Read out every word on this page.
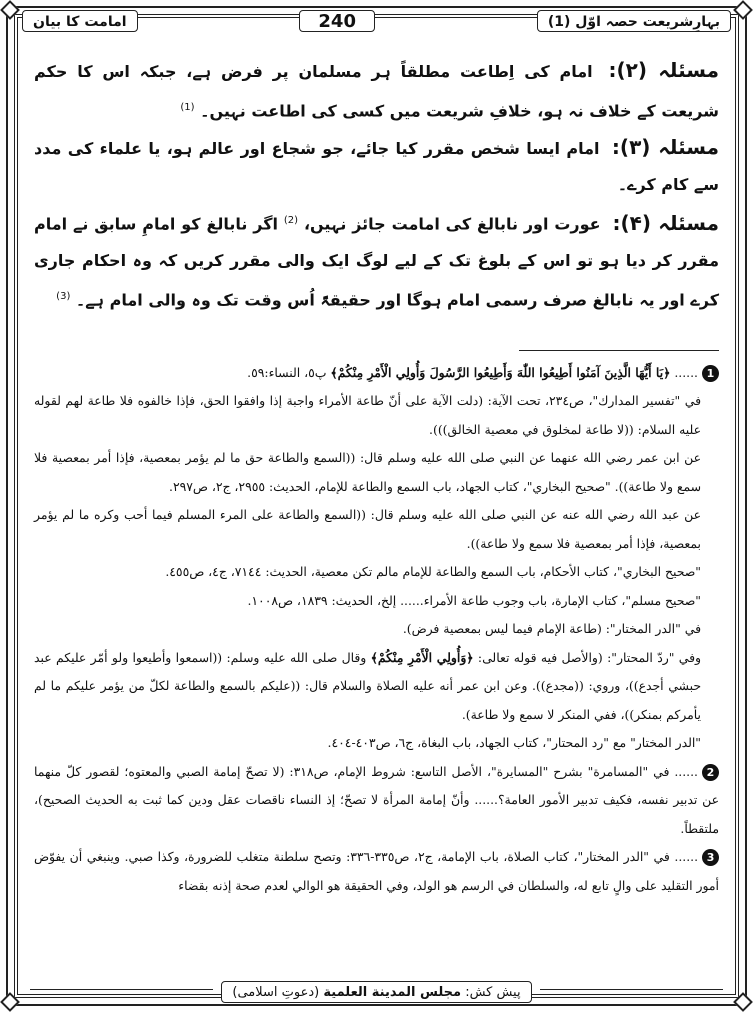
بہارِشریعت حصہ اوّل (1)
240
امامت کا بیان

مسئلہ (۲): امام کی اِطاعت مطلقاً ہر مسلمان پر فرض ہے، جبکہ اس کا حکم شریعت کے خلاف نہ ہو، خلافِ شریعت میں کسی کی اطاعت نہیں۔ $^{(1)}$

مسئلہ (۳): امام ایسا شخص مقرر کیا جائے، جو شجاع اور عالم ہو، یا علماء کی مدد سے کام کرے۔

مسئلہ (۴): عورت اور نابالغ کی امامت جائز نہیں، $^{(2)}$ اگر نابالغ کو امامِ سابق نے امام مقرر کر دیا ہو تو اس کے بلوغ تک کے لیے لوگ ایک والی مقرر کریں کہ وہ احکام جاری کرے اور یہ نابالغ صرف رسمی امام ہوگا اور حقیقۃً اُس وقت تک وہ والی امام ہے۔ $^{(3)}$

1...... ﴿يَا أَيُّهَا الَّذِينَ آمَنُوا أَطِيعُوا اللّٰهَ وَأَطِيعُوا الرَّسُولَ وَأُولِي الْأَمْرِ مِنْكُمْ﴾ پ٥، النساء:٥٩.

في "تفسير المدارك"، ص٢٣٤، تحت الآية: (دلت الآية على أنّ طاعة الأمراء واجبة إذا وافقوا الحق، فإذا خالفوه فلا طاعة لهم لقوله عليه السلام: ((لا طاعة لمخلوق في معصية الخالق))).

عن ابن عمر رضي الله عنهما عن النبي صلى الله عليه وسلم قال: ((السمع والطاعة حق ما لم يؤمر بمعصية، فإذا أمر بمعصية فلا سمع ولا طاعة)). "صحيح البخاري"، كتاب الجهاد، باب السمع والطاعة للإمام، الحديث: ٢٩٥٥، ج٢، ص٢٩٧.

عن عبد الله رضي الله عنه عن النبي صلى الله عليه وسلم قال: ((السمع والطاعة على المرء المسلم فيما أحب وكره ما لم يؤمر بمعصية، فإذا أمر بمعصية فلا سمع ولا طاعة)).

"صحيح البخاري"، كتاب الأحكام، باب السمع والطاعة للإمام مالم تكن معصية، الحديث: ٧١٤٤، ج٤، ص٤٥٥.

"صحيح مسلم"، كتاب الإمارة، باب وجوب طاعة الأمراء...... إلخ، الحديث: ١٨٣٩، ص١٠٠٨.

في "الدر المختار": (طاعة الإمام فيما ليس بمعصية فرض).

وفي "ردّ المحتار": (والأصل فيه قوله تعالى: ﴿وَأُولِي الْأَمْرِ مِنْكُمْ﴾ وقال صلى الله عليه وسلم: ((اسمعوا وأطيعوا ولو أمّر عليكم عبد حبشي أجدع))، وروي: ((مجدع)). وعن ابن عمر أنه عليه الصلاة والسلام قال: ((عليكم بالسمع والطاعة لكلّ من يؤمر عليكم ما لم يأمركم بمنكر))، ففي المنكر لا سمع ولا طاعة).

"الدر المختار" مع "رد المحتار"، كتاب الجهاد، باب البغاة، ج٦، ص٤٠٣-٤٠٤.

2...... في "المسامرة" بشرح "المسايرة"، الأصل التاسع: شروط الإمام، ص٣١٨: (لا تصحّ إمامة الصبي والمعتوه؛ لقصور كلّ منهما عن تدبير نفسه، فكيف تدبير الأمور العامة؟...... وأنّ إمامة المرأة لا تصحّ؛ إذ النساء ناقصات عقل ودين كما ثبت به الحديث الصحيح)، ملتقطاً.

3...... في "الدر المختار"، كتاب الصلاة، باب الإمامة، ج٢، ص٣٣٥-٣٣٦: وتصح سلطنة متغلب للضرورة، وكذا صبي. وينبغي أن يفوّض أمور التقليد على والٍ تابع له، والسلطان في الرسم هو الولد، وفي الحقيقة هو الوالي لعدم صحة إذنه بقضاء

پیش کش: مجلس المدينة العلمية (دعوتِ اسلامی)
